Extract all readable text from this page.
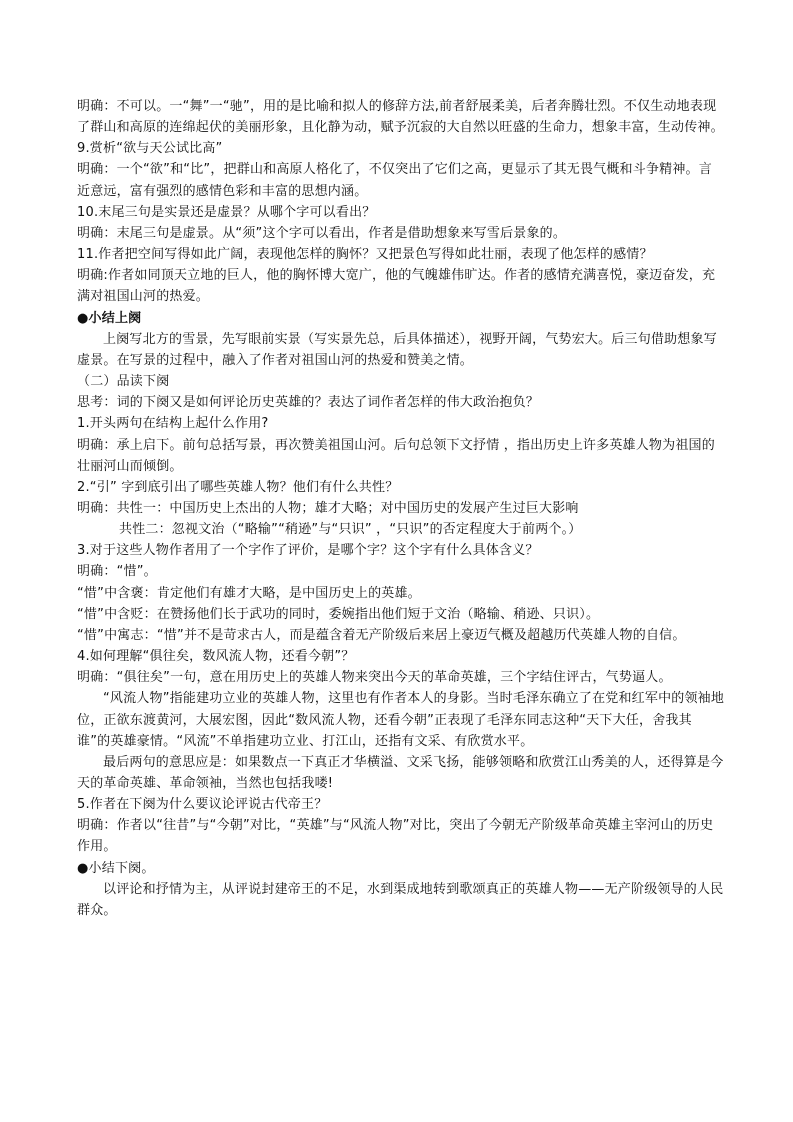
明确：不可以。一“舞”一“驰”，用的是比喻和拟人的修辞方法,前者舒展柔美，后者奔腾壮烈。不仅生动地表现了群山和高原的连绵起伏的美丽形象，且化静为动，赋予沉寂的大自然以旺盛的生命力，想象丰富，生动传神。

9.赏析“欲与天公试比高”

明确：一个“欲”和“比”，把群山和高原人格化了，不仅突出了它们之高，更显示了其无畏气概和斗争精神。言近意远，富有强烈的感情色彩和丰富的思想内涵。

10.末尾三句是实景还是虚景？从哪个字可以看出？

明确：末尾三句是虚景。从“须”这个字可以看出，作者是借助想象来写雪后景象的。

11.作者把空间写得如此广阔，表现他怎样的胸怀？又把景色写得如此壮丽，表现了他怎样的感情？

明确:作者如同顶天立地的巨人，他的胸怀博大宽广，他的气魄雄伟旷达。作者的感情充满喜悦，豪迈奋发，充满对祖国山河的热爱。

●小结上阕

上阕写北方的雪景，先写眼前实景（写实景先总，后具体描述），视野开阔，气势宏大。后三句借助想象写虚景。在写景的过程中，融入了作者对祖国山河的热爱和赞美之情。

（二）品读下阕

思考：词的下阕又是如何评论历史英雄的？表达了词作者怎样的伟大政治抱负？

1.开头两句在结构上起什么作用?

明确：承上启下。前句总括写景，再次赞美祖国山河。后句总领下文抒情 ，指出历史上许多英雄人物为祖国的壮丽河山而倾倒。

2.“引” 字到底引出了哪些英雄人物？他们有什么共性？

明确：共性一：中国历史上杰出的人物；雄才大略；对中国历史的发展产生过巨大影响

共性二：忽视文治（“略输”“稍逊”与“只识” ，“只识”的否定程度大于前两个。）

3.对于这些人物作者用了一个字作了评价，是哪个字？这个字有什么具体含义？

明确：“惜”。

“惜”中含褒：肯定他们有雄才大略，是中国历史上的英雄。

“惜”中含贬：在赞扬他们长于武功的同时，委婉指出他们短于文治（略输、稍逊、只识）。

“惜”中寓志：“惜”并不是苛求古人，而是蕴含着无产阶级后来居上豪迈气概及超越历代英雄人物的自信。

4.如何理解“俱往矣，数风流人物，还看今朝”？

明确：“俱往矣”一句，意在用历史上的英雄人物来突出今天的革命英雄，三个字结住评古，气势逼人。

“风流人物”指能建功立业的英雄人物，这里也有作者本人的身影。当时毛泽东确立了在党和红军中的领袖地位，正欲东渡黄河，大展宏图，因此“数风流人物，还看今朝”正表现了毛泽东同志这种“天下大任，舍我其谁”的英雄豪情。“风流”不单指建功立业、打江山，还指有文采、有欣赏水平。

最后两句的意思应是：如果数点一下真正才华横溢、文采飞扬，能够领略和欣赏江山秀美的人，还得算是今天的革命英雄、革命领袖，当然也包括我喽!

5.作者在下阕为什么要议论评说古代帝王？

明确：作者以“往昔”与“今朝”对比，“英雄”与“风流人物”对比，突出了今朝无产阶级革命英雄主宰河山的历史作用。

●小结下阕。

以评论和抒情为主，从评说封建帝王的不足，水到渠成地转到歌颂真正的英雄人物——无产阶级领导的人民群众。
